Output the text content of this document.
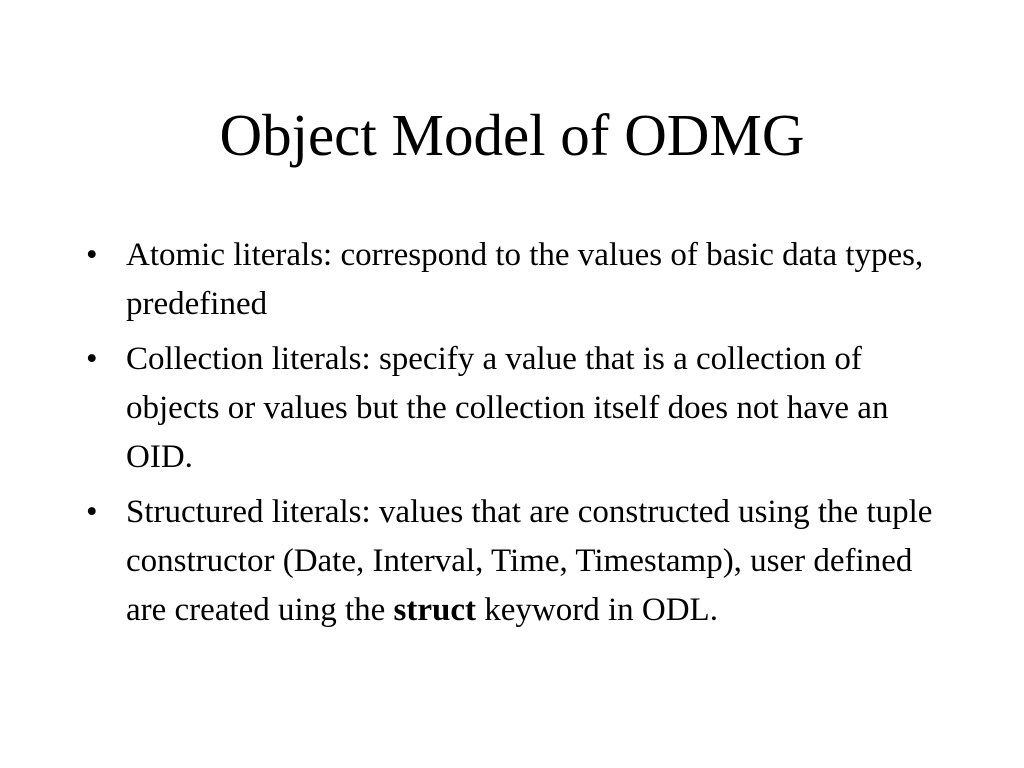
Object Model of ODMG
• Atomic literals: correspond to the values of basic data types, predefined
• Collection literals: specify a value that is a collection of objects or values but the collection itself does not have an OID.
• Structured literals: values that are constructed using the tuple constructor (Date, Interval, Time, Timestamp), user defined are created uing the struct keyword in ODL.
